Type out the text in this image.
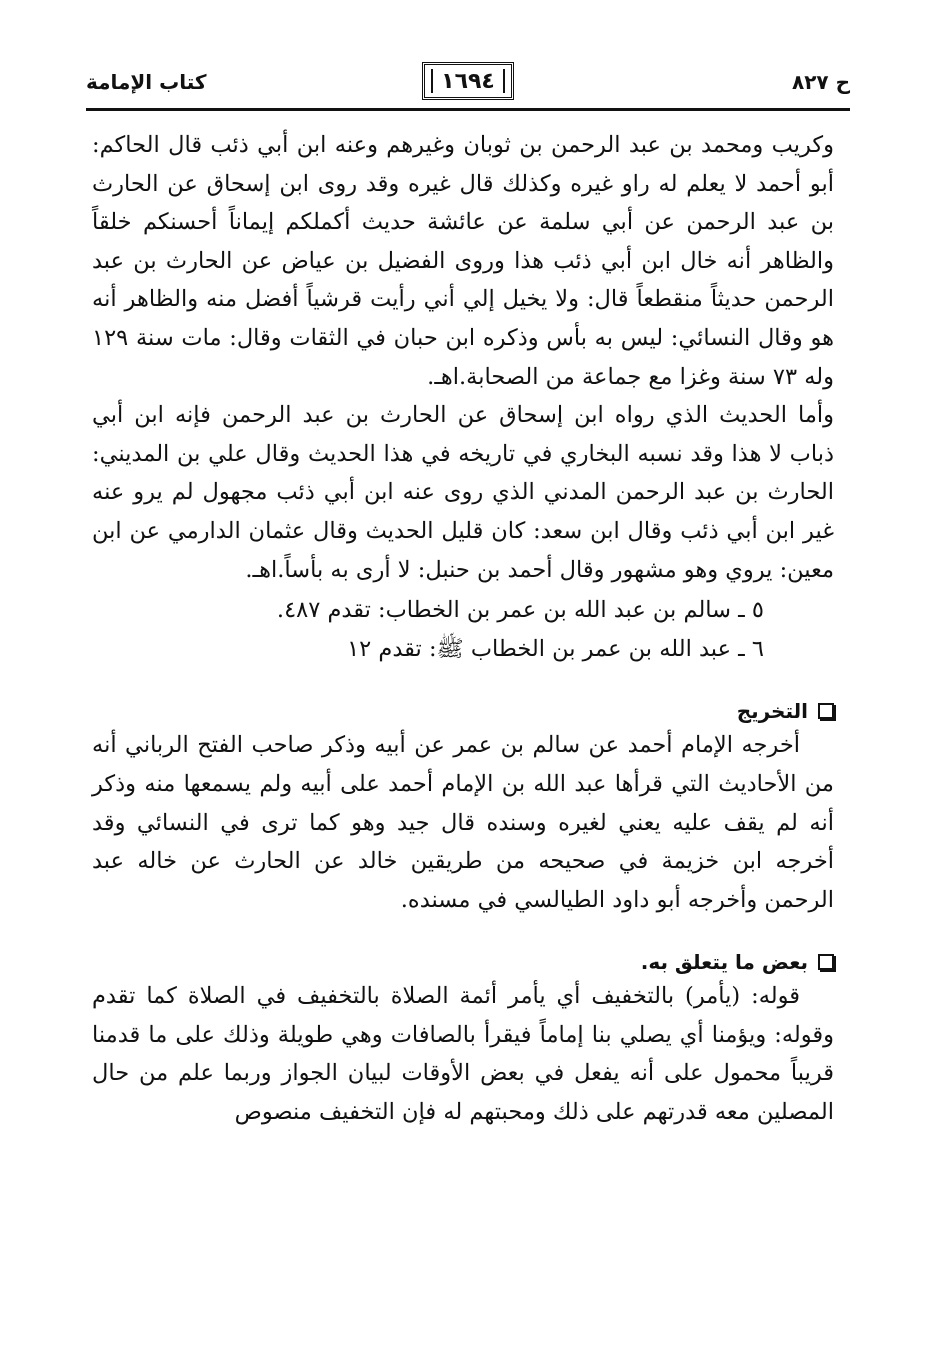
كتاب الإمامة	١٦٩٤	ح ٨٢٧

وكريب ومحمد بن عبد الرحمن بن ثوبان وغيرهم وعنه ابن أبي ذئب قال الحاكم: أبو أحمد لا يعلم له راو غيره وكذلك قال غيره وقد روى ابن إسحاق عن الحارث بن عبد الرحمن عن أبي سلمة عن عائشة حديث أكملكم إيماناً أحسنكم خلقاً والظاهر أنه خال ابن أبي ذئب هذا وروى الفضيل بن عياض عن الحارث بن عبد الرحمن حديثاً منقطعاً قال: ولا يخيل إلي أني رأيت قرشياً أفضل منه والظاهر أنه هو وقال النسائي: ليس به بأس وذكره ابن حبان في الثقات وقال: مات سنة ١٢٩ وله ٧٣ سنة وغزا مع جماعة من الصحابة.اهـ.

وأما الحديث الذي رواه ابن إسحاق عن الحارث بن عبد الرحمن فإنه ابن أبي ذباب لا هذا وقد نسبه البخاري في تاريخه في هذا الحديث وقال علي بن المديني: الحارث بن عبد الرحمن المدني الذي روى عنه ابن أبي ذئب مجهول لم يرو عنه غير ابن أبي ذئب وقال ابن سعد: كان قليل الحديث وقال عثمان الدارمي عن ابن معين: يروي وهو مشهور وقال أحمد بن حنبل: لا أرى به بأساً.اهـ.

٥ ـ سالم بن عبد الله بن عمر بن الخطاب: تقدم ٤٨٧.

٦ ـ عبد الله بن عمر بن الخطاب ﷺ: تقدم ١٢

التخريج

أخرجه الإمام أحمد عن سالم بن عمر عن أبيه وذكر صاحب الفتح الرباني أنه من الأحاديث التي قرأها عبد الله بن الإمام أحمد على أبيه ولم يسمعها منه وذكر أنه لم يقف عليه يعني لغيره وسنده قال جيد وهو كما ترى في النسائي وقد أخرجه ابن خزيمة في صحيحه من طريقين خالد عن الحارث عن خاله عبد الرحمن وأخرجه أبو داود الطيالسي في مسنده.

بعض ما يتعلق به.

قوله: (يأمر) بالتخفيف أي يأمر أئمة الصلاة بالتخفيف في الصلاة كما تقدم وقوله: ويؤمنا أي يصلي بنا إماماً فيقرأ بالصافات وهي طويلة وذلك على ما قدمنا قريباً محمول على أنه يفعل في بعض الأوقات لبيان الجواز وربما علم من حال المصلين معه قدرتهم على ذلك ومحبتهم له فإن التخفيف منصوص
